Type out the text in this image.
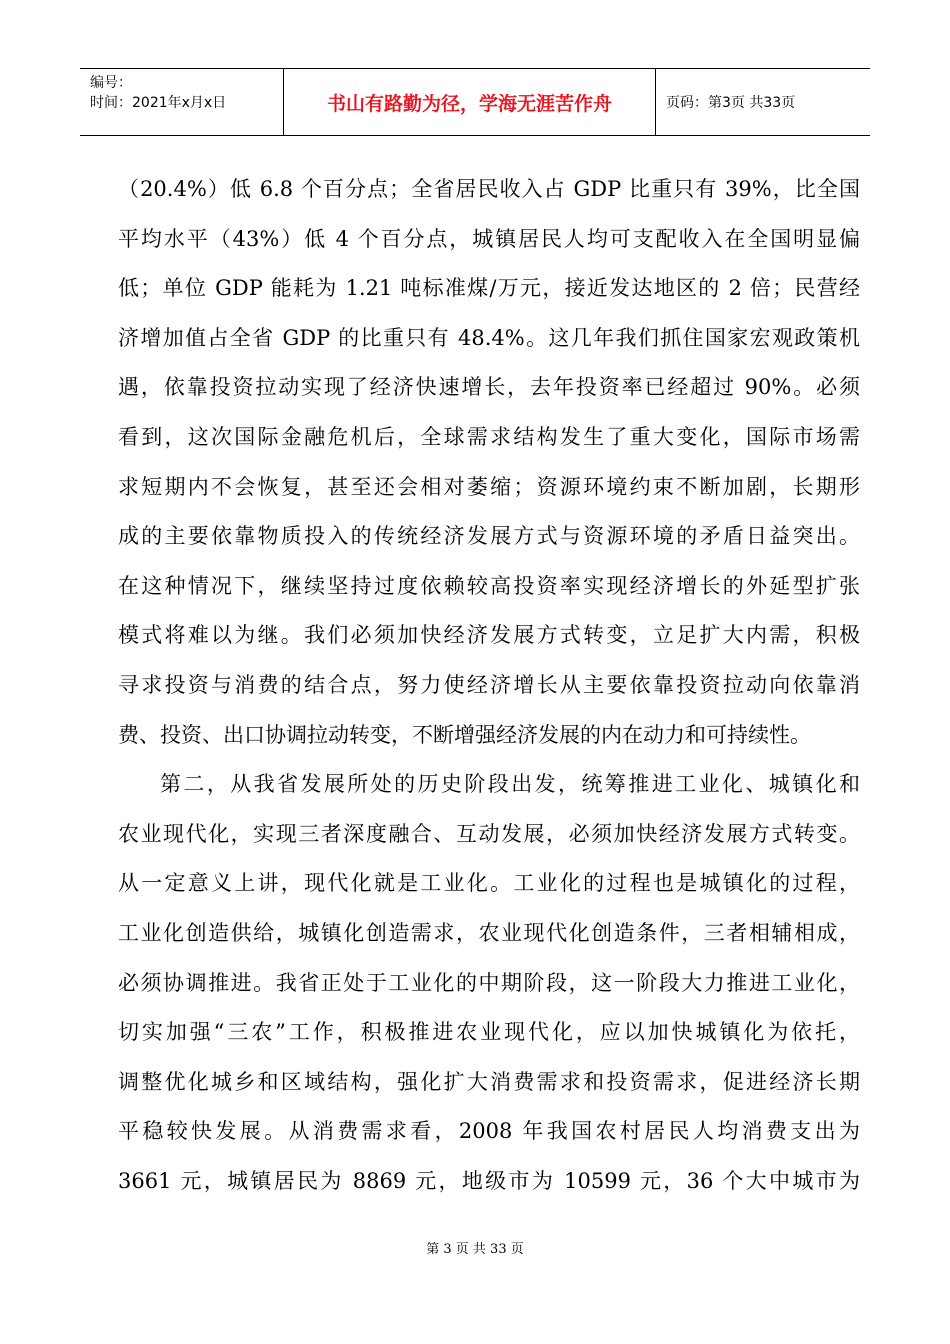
编号：
时间：2021年x月x日	书山有路勤为径，学海无涯苦作舟	页码：第3页 共33页
（20.4%）低 6.8 个百分点；全省居民收入占 GDP 比重只有 39%，比全国
平均水平（43%）低 4 个百分点，城镇居民人均可支配收入在全国明显偏
低；单位 GDP 能耗为 1.21 吨标准煤/万元，接近发达地区的 2 倍；民营经
济增加值占全省 GDP 的比重只有 48.4%。这几年我们抓住国家宏观政策机
遇，依靠投资拉动实现了经济快速增长，去年投资率已经超过 90%。必须
看到，这次国际金融危机后，全球需求结构发生了重大变化，国际市场需
求短期内不会恢复，甚至还会相对萎缩；资源环境约束不断加剧，长期形
成的主要依靠物质投入的传统经济发展方式与资源环境的矛盾日益突出。
在这种情况下，继续坚持过度依赖较高投资率实现经济增长的外延型扩张
模式将难以为继。我们必须加快经济发展方式转变，立足扩大内需，积极
寻求投资与消费的结合点，努力使经济增长从主要依靠投资拉动向依靠消
费、投资、出口协调拉动转变，不断增强经济发展的内在动力和可持续性。
第二，从我省发展所处的历史阶段出发，统筹推进工业化、城镇化和
农业现代化，实现三者深度融合、互动发展，必须加快经济发展方式转变。
从一定意义上讲，现代化就是工业化。工业化的过程也是城镇化的过程，
工业化创造供给，城镇化创造需求，农业现代化创造条件，三者相辅相成，
必须协调推进。我省正处于工业化的中期阶段，这一阶段大力推进工业化，
切实加强“三农”工作，积极推进农业现代化，应以加快城镇化为依托，
调整优化城乡和区域结构，强化扩大消费需求和投资需求，促进经济长期
平稳较快发展。从消费需求看，2008 年我国农村居民人均消费支出为
3661 元，城镇居民为 8869 元，地级市为 10599 元，36 个大中城市为
第 3 页 共 33 页
